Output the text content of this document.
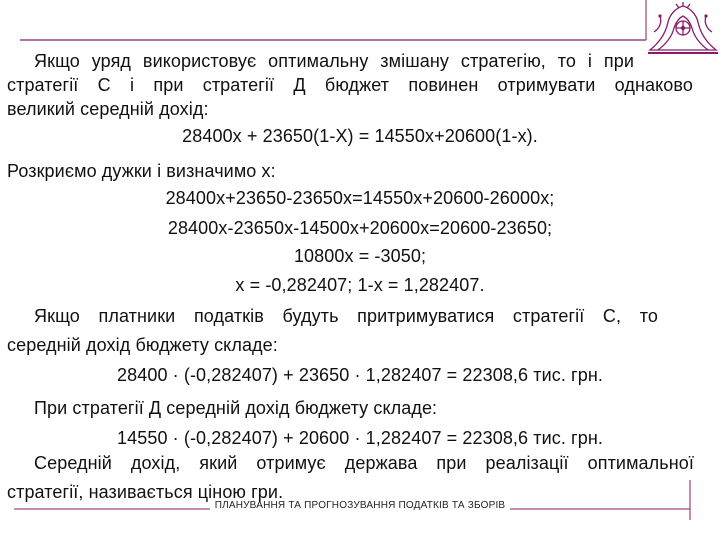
Якщо уряд використовує оптимальну змішану стратегію, то і при

стратегії С і при стратегії Д бюджет повинен отримувати однаково

великий середній дохід:

28400х + 23650(1-Х) = 14550х+20600(1-х).

Розкриємо дужки і визначимо х:

28400х+23650-23650х=14550х+20600-26000х;

28400х-23650х-14500х+20600х=20600-23650;

10800х = -3050;

х = -0,282407; 1-х = 1,282407.

Якщо платники податків будуть притримуватися стратегії С, то

середній дохід бюджету складе:

28400 · (-0,282407) + 23650 · 1,282407 = 22308,6 тис. грн.

При стратегії Д середній дохід бюджету складе:

14550 · (-0,282407) + 20600 · 1,282407 = 22308,6 тис. грн.

Середній дохід, який отримує держава при реалізації оптимальної

стратегії, називається ціною гри.

ПЛАНУВАННЯ ТА ПРОГНОЗУВАННЯ ПОДАТКІВ ТА ЗБОРІВ
